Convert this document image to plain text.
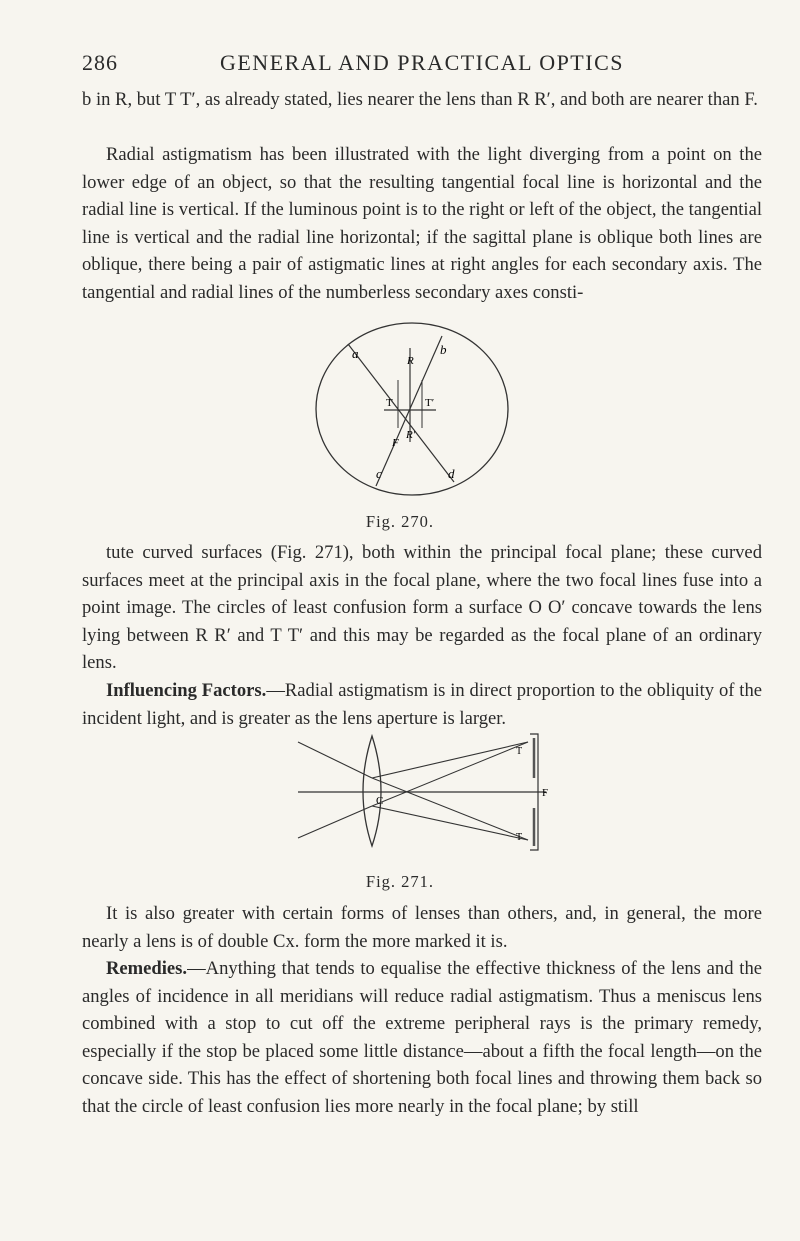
286	GENERAL AND PRACTICAL OPTICS

b in R, but T T′, as already stated, lies nearer the lens than R R′, and both are nearer than F.

Radial astigmatism has been illustrated with the light diverging from a point on the lower edge of an object, so that the resulting tangential focal line is horizontal and the radial line is vertical. If the luminous point is to the right or left of the object, the tangential line is vertical and the radial line horizontal; if the sagittal plane is oblique both lines are oblique, there being a pair of astigmatic lines at right angles for each secondary axis. The tangential and radial lines of the numberless secondary axes consti-

a	b
R
T	T′
F
R′
c	d
Fig. 270.

tute curved surfaces (Fig. 271), both within the principal focal plane; these curved surfaces meet at the principal axis in the focal plane, where the two focal lines fuse into a point image. The circles of least confusion form a surface O O′ concave towards the lens lying between R R′ and T T′ and this may be regarded as the focal plane of an ordinary lens.

Influencing Factors.—Radial astigmatism is in direct proportion to the obliquity of the incident light, and is greater as the lens aperture is larger.

C
F
T
T
Fig. 271.

It is also greater with certain forms of lenses than others, and, in general, the more nearly a lens is of double Cx. form the more marked it is.

Remedies.—Anything that tends to equalise the effective thickness of the lens and the angles of incidence in all meridians will reduce radial astigmatism. Thus a meniscus lens combined with a stop to cut off the extreme peripheral rays is the primary remedy, especially if the stop be placed some little distance—about a fifth the focal length—on the concave side. This has the effect of shortening both focal lines and throwing them back so that the circle of least confusion lies more nearly in the focal plane; by still
